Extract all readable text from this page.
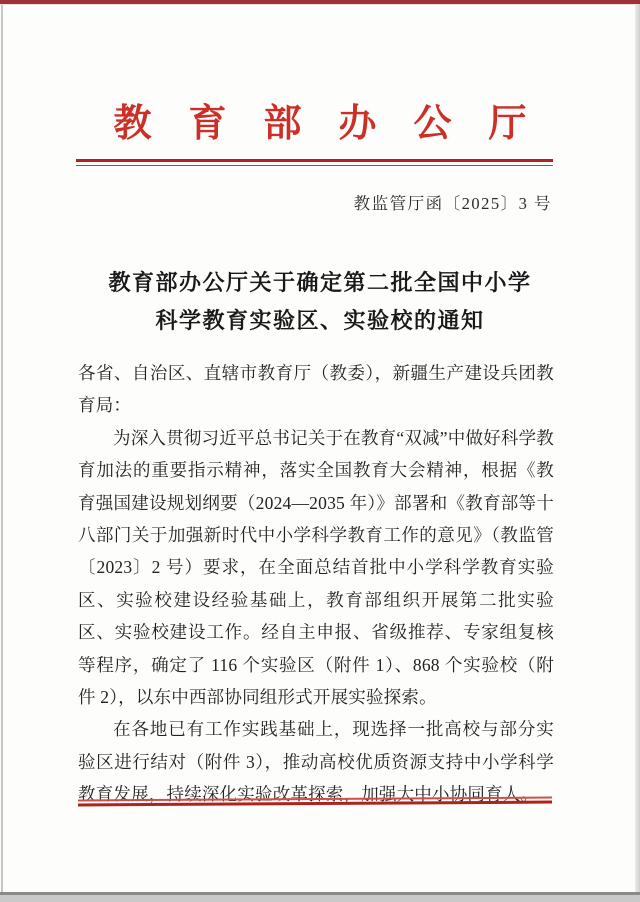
教育部办公厅
教监管厅函〔2025〕3 号
教育部办公厅关于确定第二批全国中小学
科学教育实验区、实验校的通知

各省、自治区、直辖市教育厅（教委），新疆生产建设兵团教育局：

为深入贯彻习近平总书记关于在教育“双减”中做好科学教育加法的重要指示精神，落实全国教育大会精神，根据《教育强国建设规划纲要（2024—2035 年）》部署和《教育部等十八部门关于加强新时代中小学科学教育工作的意见》（教监管〔2023〕2 号）要求，在全面总结首批中小学科学教育实验区、实验校建设经验基础上，教育部组织开展第二批实验区、实验校建设工作。经自主申报、省级推荐、专家组复核等程序，确定了 116 个实验区（附件 1）、868 个实验校（附件 2），以东中西部协同组形式开展实验探索。

在各地已有工作实践基础上，现选择一批高校与部分实验区进行结对（附件 3），推动高校优质资源支持中小学科学教育发展，持续深化实验改革探索，加强大中小协同育人。
